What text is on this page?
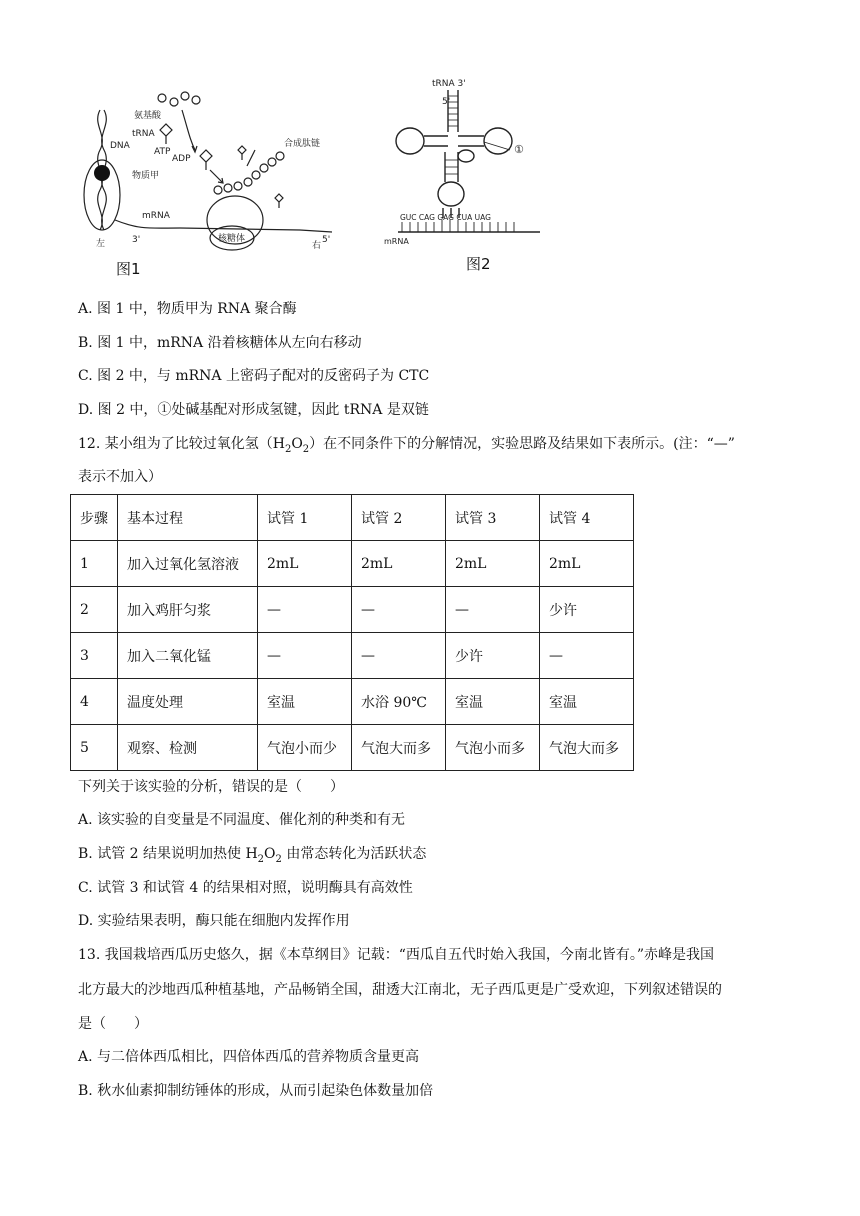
氨基酸
tRNA
DNA
ATP
ADP
物质甲
合成肽链
mRNA
核糖体
左	3'	5'
右
图1
tRNA 3'
5'
①
GUC CAG GAG CUA UAG
mRNA
图2
A. 图 1 中，物质甲为 RNA 聚合酶
B. 图 1 中，mRNA 沿着核糖体从左向右移动
C. 图 2 中，与 mRNA 上密码子配对的反密码子为 CTC
D. 图 2 中，①处碱基配对形成氢键，因此 tRNA 是双链
12. 某小组为了比较过氧化氢$(H_2O_2)$在不同条件下的分解情况，实验思路及结果如下表所示。(注：“—”
表示不加入）
步骤	基本过程	试管 1	试管 2	试管 3	试管 4
1	加入过氧化氢溶液	2mL	2mL	2mL	2mL
2	加入鸡肝匀浆	—	—	—	少许
3	加入二氧化锰	—	—	少许	—
4	温度处理	室温	水浴 90℃	室温	室温
5	观察、检测	气泡小而少	气泡大而多	气泡小而多	气泡大而多
下列关于该实验的分析，错误的是（　　）
A. 该实验的自变量是不同温度、催化剂的种类和有无
B. 试管 2 结果说明加热使 $H_2O_2$ 由常态转化为活跃状态
C. 试管 3 和试管 4 的结果相对照，说明酶具有高效性
D. 实验结果表明，酶只能在细胞内发挥作用
13. 我国栽培西瓜历史悠久，据《本草纲目》记载：“西瓜自五代时始入我国，今南北皆有。”赤峰是我国
北方最大的沙地西瓜种植基地，产品畅销全国，甜透大江南北，无子西瓜更是广受欢迎，下列叙述错误的
是（　　）
A. 与二倍体西瓜相比，四倍体西瓜的营养物质含量更高
B. 秋水仙素抑制纺锤体的形成，从而引起染色体数量加倍
